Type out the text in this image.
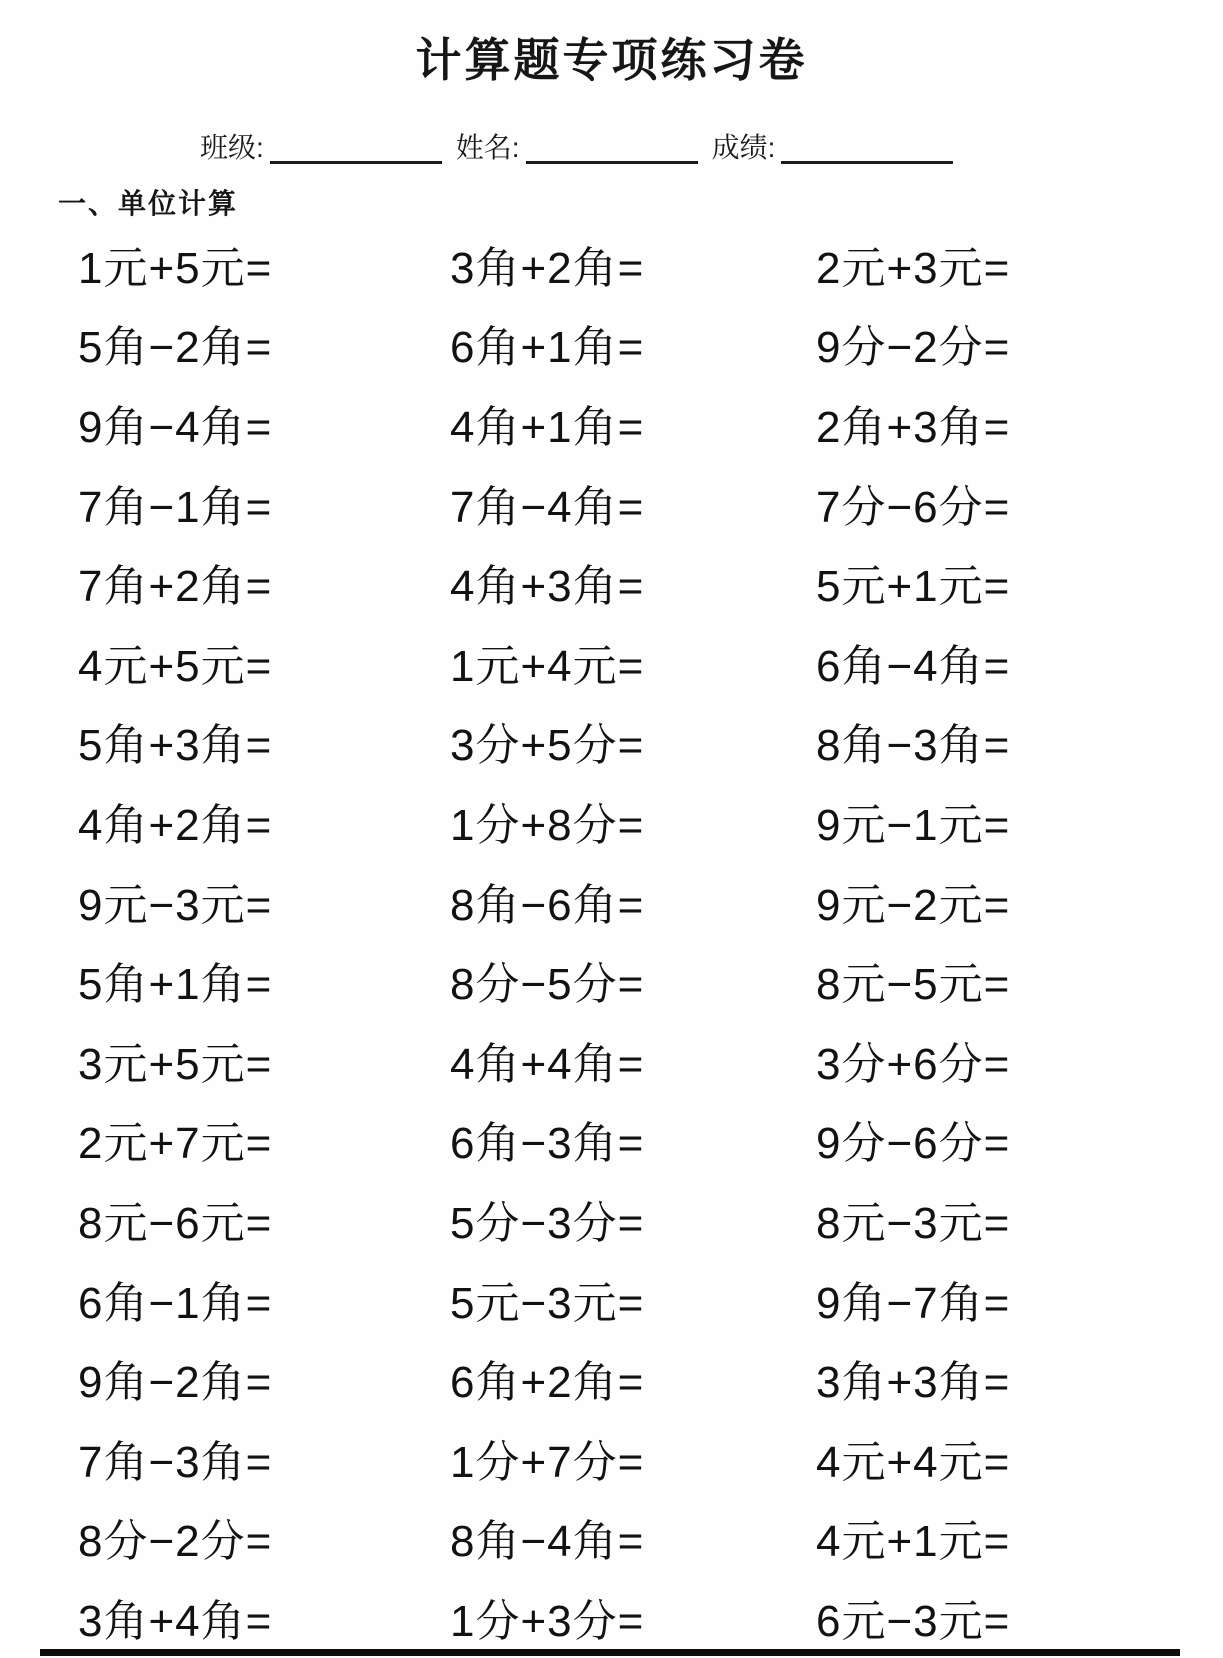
计算题专项练习卷
班级:	姓名:	成绩:
一、单位计算
1元+5元=	3角+2角=	2元+3元=
5角−2角=	6角+1角=	9分−2分=
9角−4角=	4角+1角=	2角+3角=
7角−1角=	7角−4角=	7分−6分=
7角+2角=	4角+3角=	5元+1元=
4元+5元=	1元+4元=	6角−4角=
5角+3角=	3分+5分=	8角−3角=
4角+2角=	1分+8分=	9元−1元=
9元−3元=	8角−6角=	9元−2元=
5角+1角=	8分−5分=	8元−5元=
3元+5元=	4角+4角=	3分+6分=
2元+7元=	6角−3角=	9分−6分=
8元−6元=	5分−3分=	8元−3元=
6角−1角=	5元−3元=	9角−7角=
9角−2角=	6角+2角=	3角+3角=
7角−3角=	1分+7分=	4元+4元=
8分−2分=	8角−4角=	4元+1元=
3角+4角=	1分+3分=	6元−3元=
